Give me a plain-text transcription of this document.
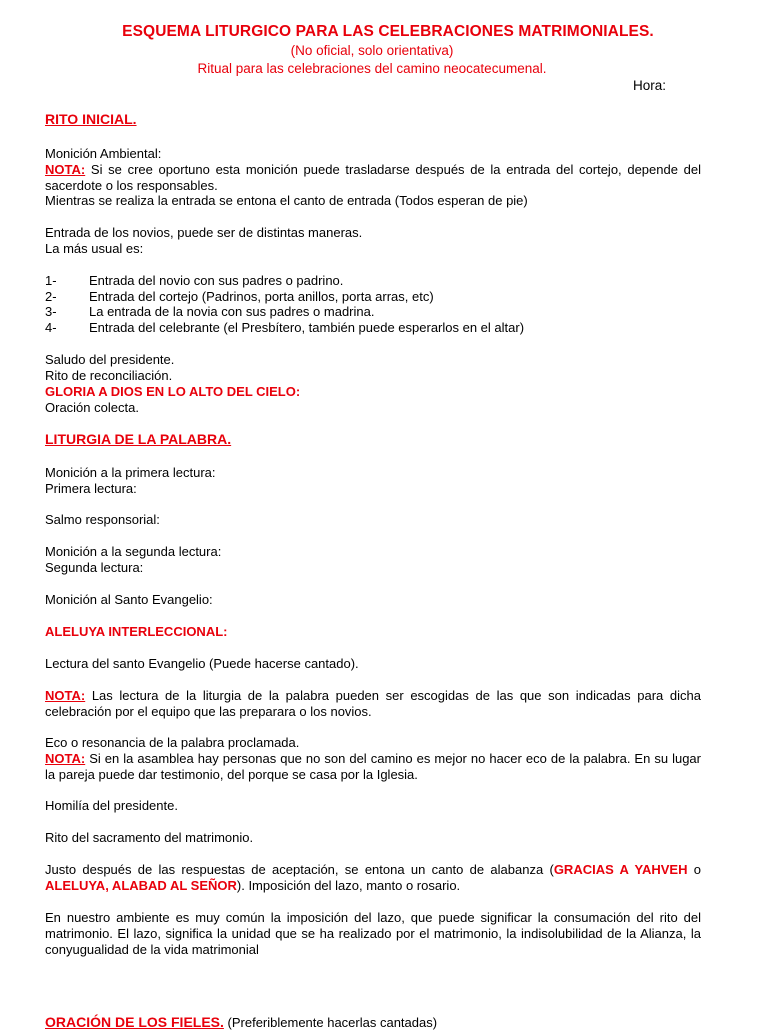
ESQUEMA LITURGICO PARA LAS CELEBRACIONES MATRIMONIALES.
(No oficial, solo orientativa)
Ritual para las celebraciones del camino neocatecumenal.
Hora:
RITO INICIAL.
Monición Ambiental:
NOTA: Si se cree oportuno esta monición puede trasladarse después de la entrada del cortejo, depende del sacerdote o los responsables.
Mientras se realiza la entrada se entona el canto de entrada (Todos esperan de pie)
Entrada de los novios, puede ser de distintas maneras.
La más usual es:
1-	Entrada del novio con sus padres o padrino.
2-	Entrada del cortejo (Padrinos, porta anillos, porta arras, etc)
3-	La entrada de la novia con sus padres o madrina.
4-	Entrada del celebrante (el Presbítero, también puede esperarlos en el altar)
Saludo del presidente.
Rito de reconciliación.
GLORIA A DIOS EN LO ALTO DEL CIELO:
Oración colecta.
LITURGIA DE LA PALABRA.
Monición a la primera lectura:
Primera lectura:
Salmo responsorial:
Monición a la segunda lectura:
Segunda lectura:
Monición al Santo Evangelio:
ALELUYA INTERLECCIONAL:
Lectura del santo Evangelio (Puede hacerse cantado).
NOTA: Las lectura de la liturgia de la palabra pueden ser escogidas de las que son indicadas para dicha celebración por el equipo que las preparara o los novios.
Eco o resonancia de la palabra proclamada.
NOTA: Si en la asamblea hay personas que no son del camino es mejor no hacer eco de la palabra. En su lugar la pareja puede dar testimonio, del porque se casa por la Iglesia.
Homilía del presidente.
Rito del sacramento del matrimonio.
Justo después de las respuestas de aceptación, se entona un canto de alabanza (GRACIAS A YAHVEH o ALELUYA, ALABAD AL SEÑOR). Imposición del lazo, manto o rosario.
En nuestro ambiente es muy común la imposición del lazo, que puede significar la consumación del rito del matrimonio. El lazo, significa la unidad que se ha realizado por el matrimonio, la indisolubilidad de la Alianza, la conyugualidad de la vida matrimonial
ORACIÓN DE LOS FIELES. (Preferiblemente hacerlas cantadas)
